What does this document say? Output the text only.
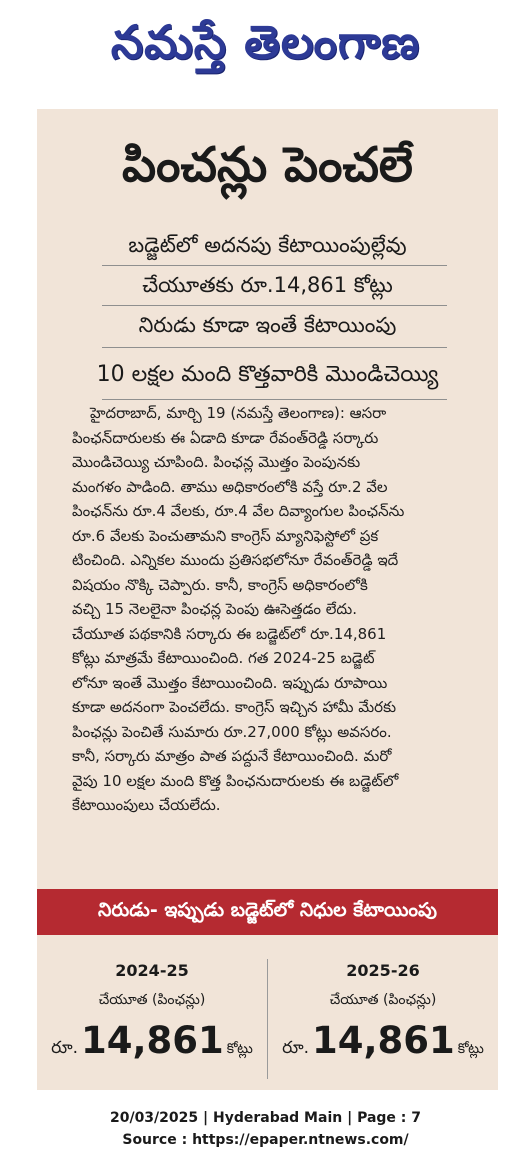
నమస్తే తెలంగాణ
పించన్లు పెంచలే
బడ్జెట్‌లో అదనపు కేటాయింపుల్లేవు
చేయూతకు రూ.14,861 కోట్లు
నిరుడు కూడా ఇంతే కేటాయింపు
10 లక్షల మంది కొత్తవారికి మొండిచెయ్యి

హైదరాబాద్, మార్చి 19 (నమస్తే తెలంగాణ): ఆసరా

పింఛన్‌దారులకు ఈ ఏడాది కూడా రేవంత్‌రెడ్డి సర్కారు

మొండిచెయ్యి చూపింది. పింఛన్ల మొత్తం పెంపునకు

మంగళం పాడింది. తాము అధికారంలోకి వస్తే రూ.2 వేల

పింఛన్‌ను రూ.4 వేలకు, రూ.4 వేల దివ్యాంగుల పింఛన్‌ను

రూ.6 వేలకు పెంచుతామని కాంగ్రెస్ మ్యానిఫెస్టోలో ప్రక

టించింది. ఎన్నికల ముందు ప్రతిసభలోనూ రేవంత్‌రెడ్డి ఇదే

విషయం నొక్కి చెప్పారు. కానీ, కాంగ్రెస్ అధికారంలోకి

వచ్చి 15 నెలలైనా పింఛన్ల పెంపు ఊసెత్తడం లేదు.

చేయూత పథకానికి సర్కారు ఈ బడ్జెట్‌లో రూ.14,861

కోట్లు మాత్రమే కేటాయించింది. గత 2024-25 బడ్జెట్

లోనూ ఇంతే మొత్తం కేటాయించింది. ఇప్పుడు రూపాయి

కూడా అదనంగా పెంచలేదు. కాంగ్రెస్ ఇచ్చిన హామీ మేరకు

పింఛన్లు పెంచితే సుమారు రూ.27,000 కోట్లు అవసరం.

కానీ, సర్కారు మాత్రం పాత పద్దునే కేటాయించింది. మరో

వైపు 10 లక్షల మంది కొత్త పింఛనుదారులకు ఈ బడ్జెట్‌లో

కేటాయింపులు చేయలేదు.

నిరుడు- ఇప్పుడు బడ్జెట్‌లో నిధుల కేటాయింపు
2024-25
చేయూత (పింఛన్లు)
రూ.14,861 కోట్లు
2025-26
చేయూత (పింఛన్లు)
రూ.14,861 కోట్లు
20/03/2025 | Hyderabad Main | Page : 7
Source : https://epaper.ntnews.com/
